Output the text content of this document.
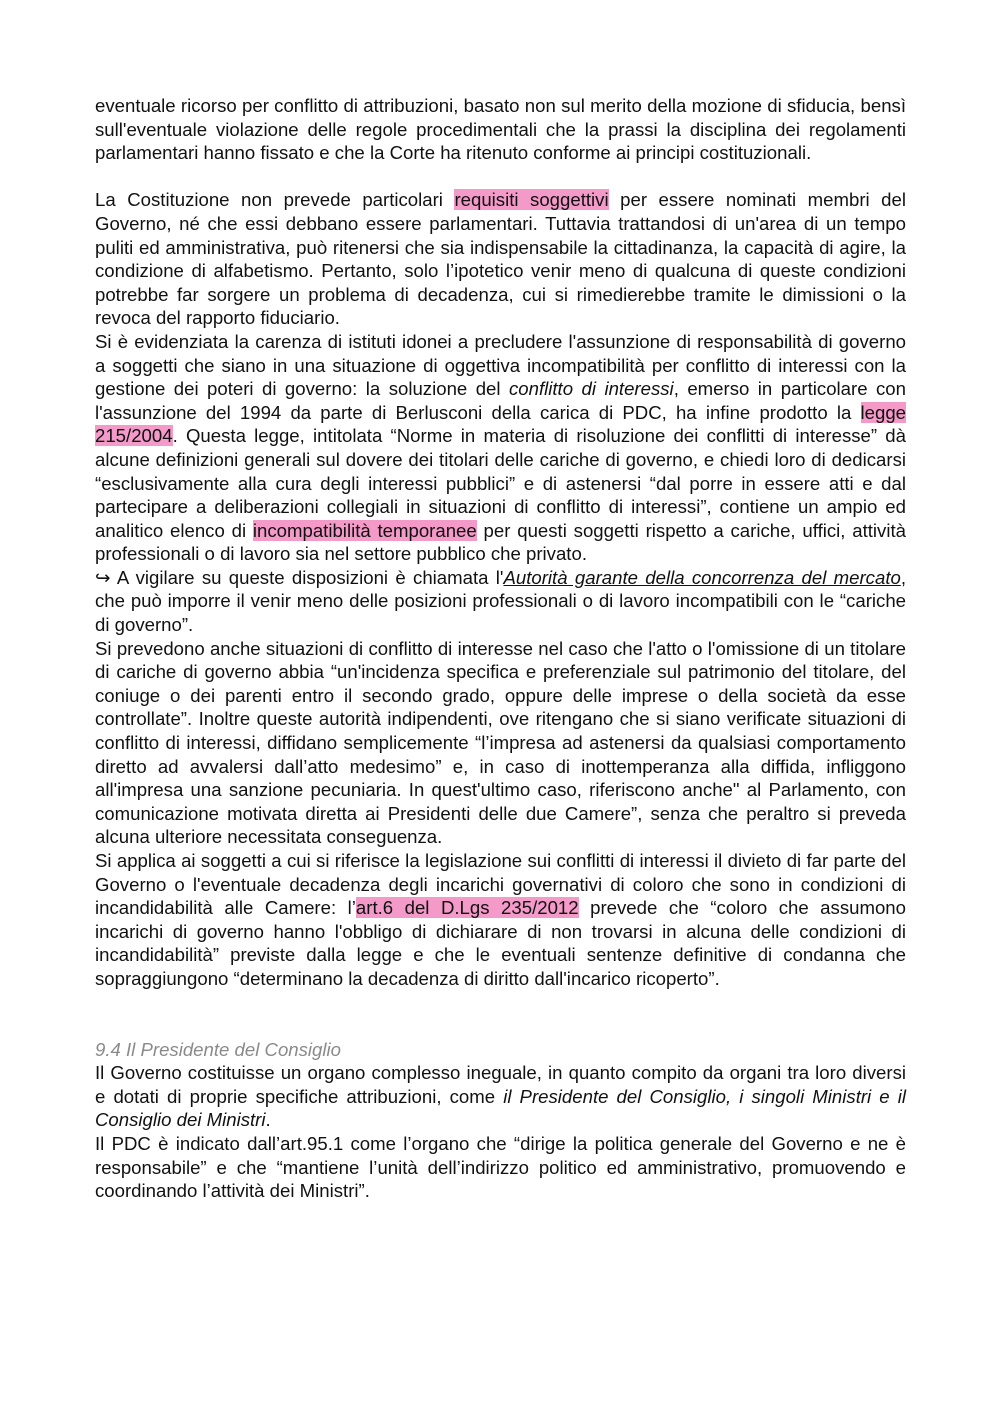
eventuale ricorso per conflitto di attribuzioni, basato non sul merito della mozione di sfiducia, bensì sull'eventuale violazione delle regole procedimentali che la prassi la disciplina dei regolamenti parlamentari hanno fissato e che la Corte ha ritenuto conforme ai principi costituzionali.

La Costituzione non prevede particolari requisiti soggettivi per essere nominati membri del Governo, né che essi debbano essere parlamentari. Tuttavia trattandosi di un'area di un tempo puliti ed amministrativa, può ritenersi che sia indispensabile la cittadinanza, la capacità di agire, la condizione di alfabetismo. Pertanto, solo l’ipotetico venir meno di qualcuna di queste condizioni potrebbe far sorgere un problema di decadenza, cui si rimedierebbe tramite le dimissioni o la revoca del rapporto fiduciario.

Si è evidenziata la carenza di istituti idonei a precludere l'assunzione di responsabilità di governo a soggetti che siano in una situazione di oggettiva incompatibilità per conflitto di interessi con la gestione dei poteri di governo: la soluzione del conflitto di interessi, emerso in particolare con l'assunzione del 1994 da parte di Berlusconi della carica di PDC, ha infine prodotto la legge 215/2004. Questa legge, intitolata “Norme in materia di risoluzione dei conflitti di interesse” dà alcune definizioni generali sul dovere dei titolari delle cariche di governo, e chiedi loro di dedicarsi “esclusivamente alla cura degli interessi pubblici” e di astenersi “dal porre in essere atti e dal partecipare a deliberazioni collegiali in situazioni di conflitto di interessi”, contiene un ampio ed analitico elenco di incompatibilità temporanee per questi soggetti rispetto a cariche, uffici, attività professionali o di lavoro sia nel settore pubblico che privato.

↪ A vigilare su queste disposizioni è chiamata l'Autorità garante della concorrenza del mercato, che può imporre il venir meno delle posizioni professionali o di lavoro incompatibili con le “cariche di governo”.

Si prevedono anche situazioni di conflitto di interesse nel caso che l'atto o l'omissione di un titolare di cariche di governo abbia “un'incidenza specifica e preferenziale sul patrimonio del titolare, del coniuge o dei parenti entro il secondo grado, oppure delle imprese o della società da esse controllate”. Inoltre queste autorità indipendenti, ove ritengano che si siano verificate situazioni di conflitto di interessi, diffidano semplicemente “l’impresa ad astenersi da qualsiasi comportamento diretto ad avvalersi dall’atto medesimo” e, in caso di inottemperanza alla diffida, infliggono all'impresa una sanzione pecuniaria. In quest'ultimo caso, riferiscono anche" al Parlamento, con comunicazione motivata diretta ai Presidenti delle due Camere”, senza che peraltro si preveda alcuna ulteriore necessitata conseguenza.

Si applica ai soggetti a cui si riferisce la legislazione sui conflitti di interessi il divieto di far parte del Governo o l'eventuale decadenza degli incarichi governativi di coloro che sono in condizioni di incandidabilità alle Camere: l’art.6 del D.Lgs 235/2012 prevede che “coloro che assumono incarichi di governo hanno l'obbligo di dichiarare di non trovarsi in alcuna delle condizioni di incandidabilità” previste dalla legge e che le eventuali sentenze definitive di condanna che sopraggiungono “determinano la decadenza di diritto dall'incarico ricoperto”.

9.4 Il Presidente del Consiglio

Il Governo costituisse un organo complesso ineguale, in quanto compito da organi tra loro diversi e dotati di proprie specifiche attribuzioni, come il Presidente del Consiglio, i singoli Ministri e il Consiglio dei Ministri.

Il PDC è indicato dall’art.95.1 come l’organo che “dirige la politica generale del Governo e ne è responsabile” e che “mantiene l’unità dell’indirizzo politico ed amministrativo, promuovendo e coordinando l’attività dei Ministri”.
